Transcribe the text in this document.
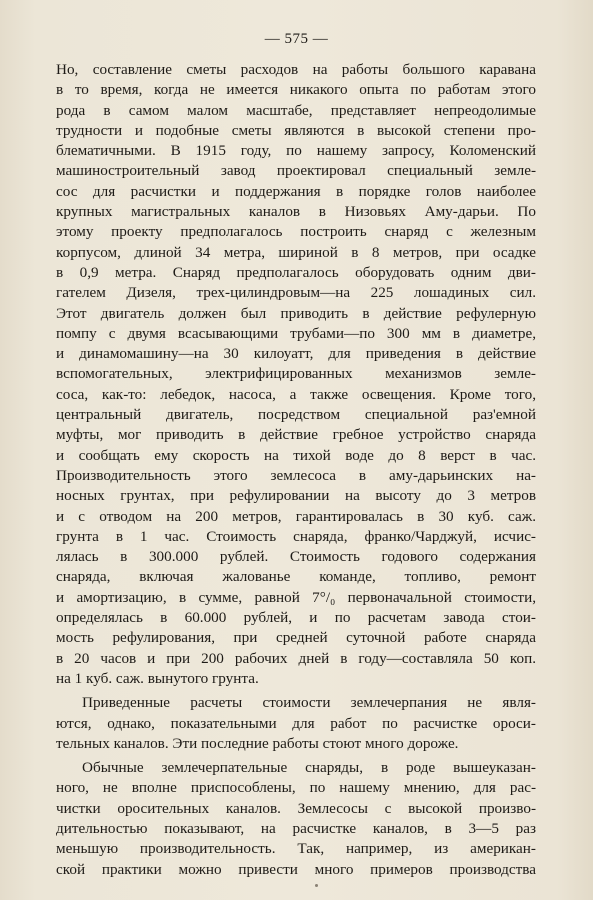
— 575 —
Но, составление сметы расходов на работы большого каравана
в то время, когда не имеется никакого опыта по работам этого
рода в самом малом масштабе, представляет непреодолимые
трудности и подобные сметы являются в высокой степени про-
блематичными. В 1915 году, по нашему запросу, Коломенский
машиностроительный завод проектировал специальный земле-
сос для расчистки и поддержания в порядке голов наиболее
крупных магистральных каналов в Низовьях Аму-дарьи. По
этому проекту предполагалось построить снаряд с железным
корпусом, длиной 34 метра, шириной в 8 метров, при осадке
в 0,9 метра. Снаряд предполагалось оборудовать одним дви-
гателем Дизеля, трех-цилиндровым—на 225 лошадиных сил.
Этот двигатель должен был приводить в действие рефулерную
помпу с двумя всасывающими трубами—по 300 мм в диаметре,
и динамомашину—на 30 килоуатт, для приведения в действие
вспомогательных, электрифицированных механизмов земле-
соса, как-то: лебедок, насоса, а также освещения. Кроме того,
центральный двигатель, посредством специальной раз'емной
муфты, мог приводить в действие гребное устройство снаряда
и сообщать ему скорость на тихой воде до 8 верст в час.
Производительность этого землесоса в аму-дарьинских на-
носных грунтах, при рефулировании на высоту до 3 метров
и с отводом на 200 метров, гарантировалась в 30 куб. саж.
грунта в 1 час. Стоимость снаряда, франко/Чарджуй, исчис-
лялась в 300.000 рублей. Стоимость годового содержания
снаряда, включая жалованье команде, топливо, ремонт
и амортизацию, в сумме, равной 7°/₀ первоначальной стоимости,
определялась в 60.000 рублей, и по расчетам завода стои-
мость рефулирования, при средней суточной работе снаряда
в 20 часов и при 200 рабочих дней в году—составляла 50 коп.
на 1 куб. саж. вынутого грунта.
Приведенные расчеты стоимости землечерпания не явля-
ются, однако, показательными для работ по расчистке ороси-
тельных каналов. Эти последние работы стоют много дороже.
Обычные землечерпательные снаряды, в роде вышеуказан-
ного, не вполне приспособлены, по нашему мнению, для рас-
чистки оросительных каналов. Землесосы с высокой произво-
дительностью показывают, на расчистке каналов, в 3—5 раз
меньшую производительность. Так, например, из американ-
ской практики можно привести много примеров производства
